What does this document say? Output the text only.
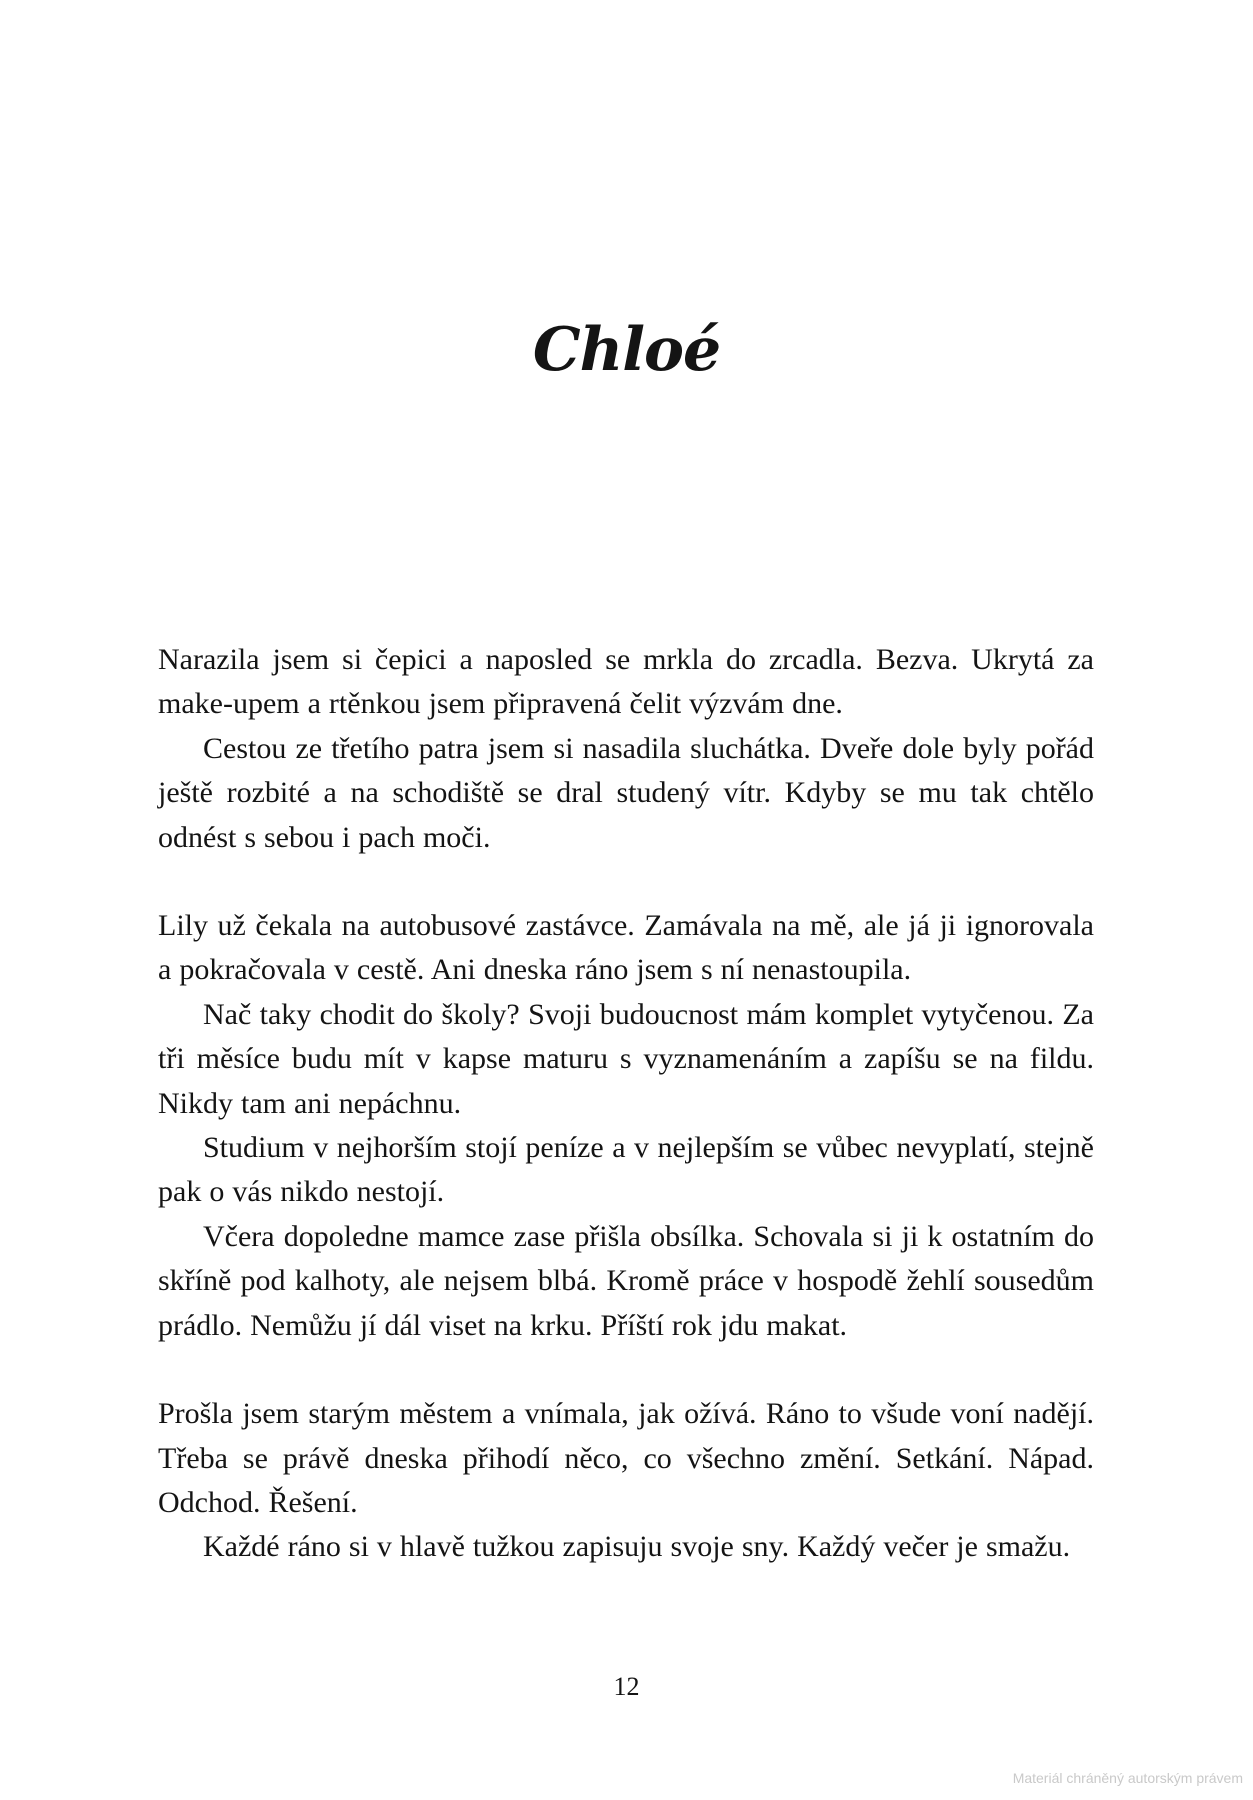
Chloé

Narazila jsem si čepici a naposled se mrkla do zrcadla. Bezva. Ukrytá za make-upem a rtěnkou jsem připravená čelit výzvám dne.

Cestou ze třetího patra jsem si nasadila sluchátka. Dveře dole byly pořád ještě rozbité a na schodiště se dral studený vítr. Kdyby se mu tak chtělo odnést s sebou i pach moči.

Lily už čekala na autobusové zastávce. Zamávala na mě, ale já ji ignorovala a pokračovala v cestě. Ani dneska ráno jsem s ní nenastoupila.

Nač taky chodit do školy? Svoji budoucnost mám komplet vytyčenou. Za tři měsíce budu mít v kapse maturu s vyznamenáním a zapíšu se na fildu. Nikdy tam ani nepáchnu.

Studium v nejhorším stojí peníze a v nejlepším se vůbec nevyplatí, stejně pak o vás nikdo nestojí.

Včera dopoledne mamce zase přišla obsílka. Schovala si ji k ostatním do skříně pod kalhoty, ale nejsem blbá. Kromě práce v hospodě žehlí sousedům prádlo. Nemůžu jí dál viset na krku. Příští rok jdu makat.

Prošla jsem starým městem a vnímala, jak ožívá. Ráno to všude voní nadějí. Třeba se právě dneska přihodí něco, co všechno změní. Setkání. Nápad. Odchod. Řešení.

Každé ráno si v hlavě tužkou zapisuju svoje sny. Každý večer je smažu.

12
Materiál chráněný autorským právem
